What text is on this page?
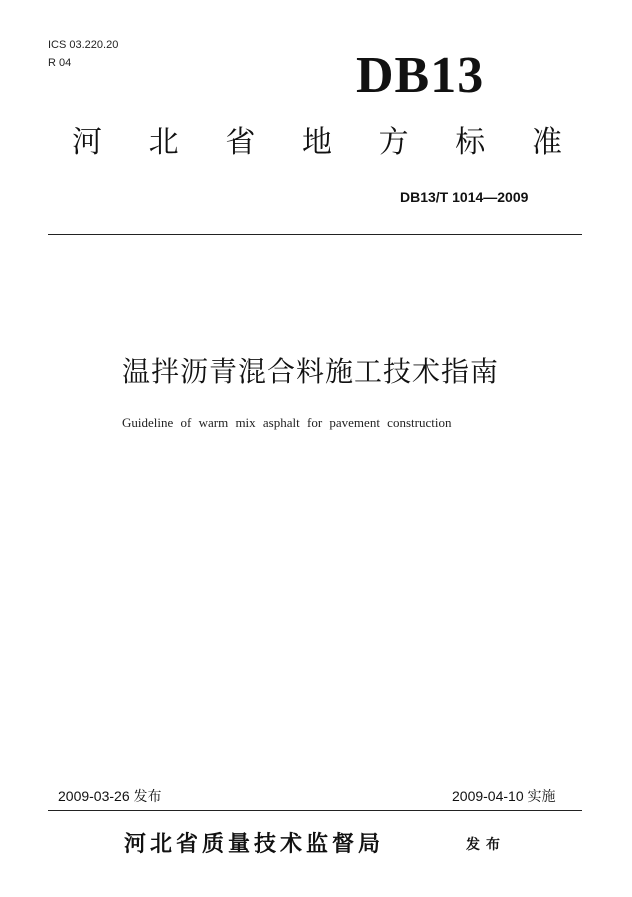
ICS 03.220.20
R 04	DB13
河 北 省 地 方 标 准
DB13/T 1014—2009
温拌沥青混合料施工技术指南
Guideline of warm mix asphalt for pavement construction
2009-03-26 发布	2009-04-10 实施
河北省质量技术监督局	发布
